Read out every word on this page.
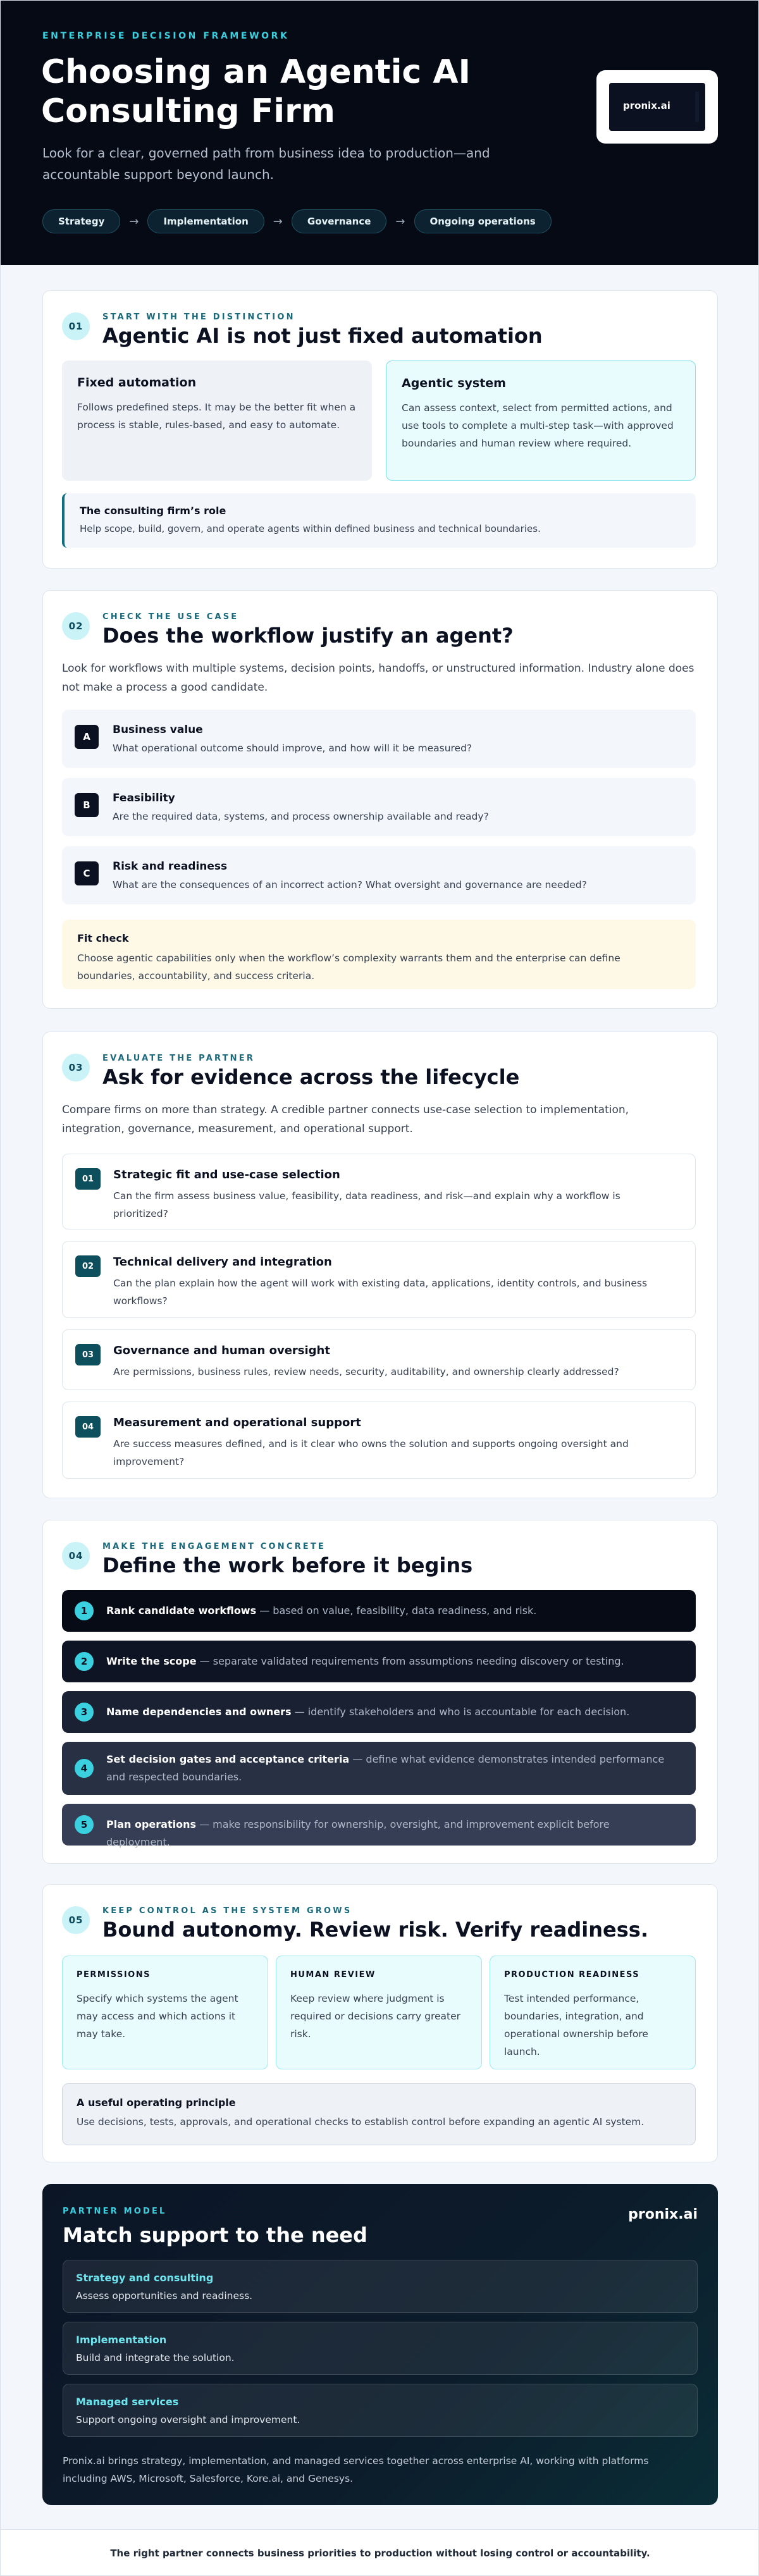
ENTERPRISE DECISION FRAMEWORK
Choosing an Agentic AI Consulting Firm

Look for a clear, governed path from business idea to production—and accountable support beyond launch.

Strategy	→	Implementation	→	Governance	→	Ongoing operations
pronix.ai
01
START WITH THE DISTINCTION
Agentic AI is not just fixed automation
Fixed automation

Follows predefined steps. It may be the better fit when a process is stable, rules-based, and easy to automate.

Agentic system

Can assess context, select from permitted actions, and use tools to complete a multi-step task—with approved boundaries and human review where required.

The consulting firm’s role

Help scope, build, govern, and operate agents within defined business and technical boundaries.

02
CHECK THE USE CASE
Does the workflow justify an agent?

Look for workflows with multiple systems, decision points, handoffs, or unstructured information. Industry alone does not make a process a good candidate.

A
Business value

What operational outcome should improve, and how will it be measured?

B
Feasibility

Are the required data, systems, and process ownership available and ready?

C
Risk and readiness

What are the consequences of an incorrect action? What oversight and governance are needed?

Fit check

Choose agentic capabilities only when the workflow’s complexity warrants them and the enterprise can define boundaries, accountability, and success criteria.

03
EVALUATE THE PARTNER
Ask for evidence across the lifecycle

Compare firms on more than strategy. A credible partner connects use-case selection to implementation, integration, governance, measurement, and operational support.

01	Strategic fit and use-case selection

Can the firm assess business value, feasibility, data readiness, and risk—and explain why a workflow is prioritized?

02	Technical delivery and integration

Can the plan explain how the agent will work with existing data, applications, identity controls, and business workflows?

03	Governance and human oversight

Are permissions, business rules, review needs, security, auditability, and ownership clearly addressed?

04	Measurement and operational support

Are success measures defined, and is it clear who owns the solution and supports ongoing oversight and improvement?

04
MAKE THE ENGAGEMENT CONCRETE
Define the work before it begins
1	Rank candidate workflows — based on value, feasibility, data readiness, and risk.
2	Write the scope — separate validated requirements from assumptions needing discovery or testing.
3	Name dependencies and owners — identify stakeholders and who is accountable for each decision.
4
Set decision gates and acceptance criteria — define what evidence demonstrates intended performance and respected boundaries.
5	Plan operations — make responsibility for ownership, oversight, and improvement explicit before deployment.
05
KEEP CONTROL AS THE SYSTEM GROWS
Bound autonomy. Review risk. Verify readiness.
PERMISSIONS

Specify which systems the agent may access and which actions it may take.

HUMAN REVIEW

Keep review where judgment is required or decisions carry greater risk.

PRODUCTION READINESS

Test intended performance, boundaries, integration, and operational ownership before launch.

A useful operating principle

Use decisions, tests, approvals, and operational checks to establish control before expanding an agentic AI system.

PARTNER MODEL
Match support to the need
pronix.ai
Strategy and consulting

Assess opportunities and readiness.

Implementation

Build and integrate the solution.

Managed services

Support ongoing oversight and improvement.

Pronix.ai brings strategy, implementation, and managed services together across enterprise AI, working with platforms including AWS, Microsoft, Salesforce, Kore.ai, and Genesys.

The right partner connects business priorities to production without losing control or accountability.
